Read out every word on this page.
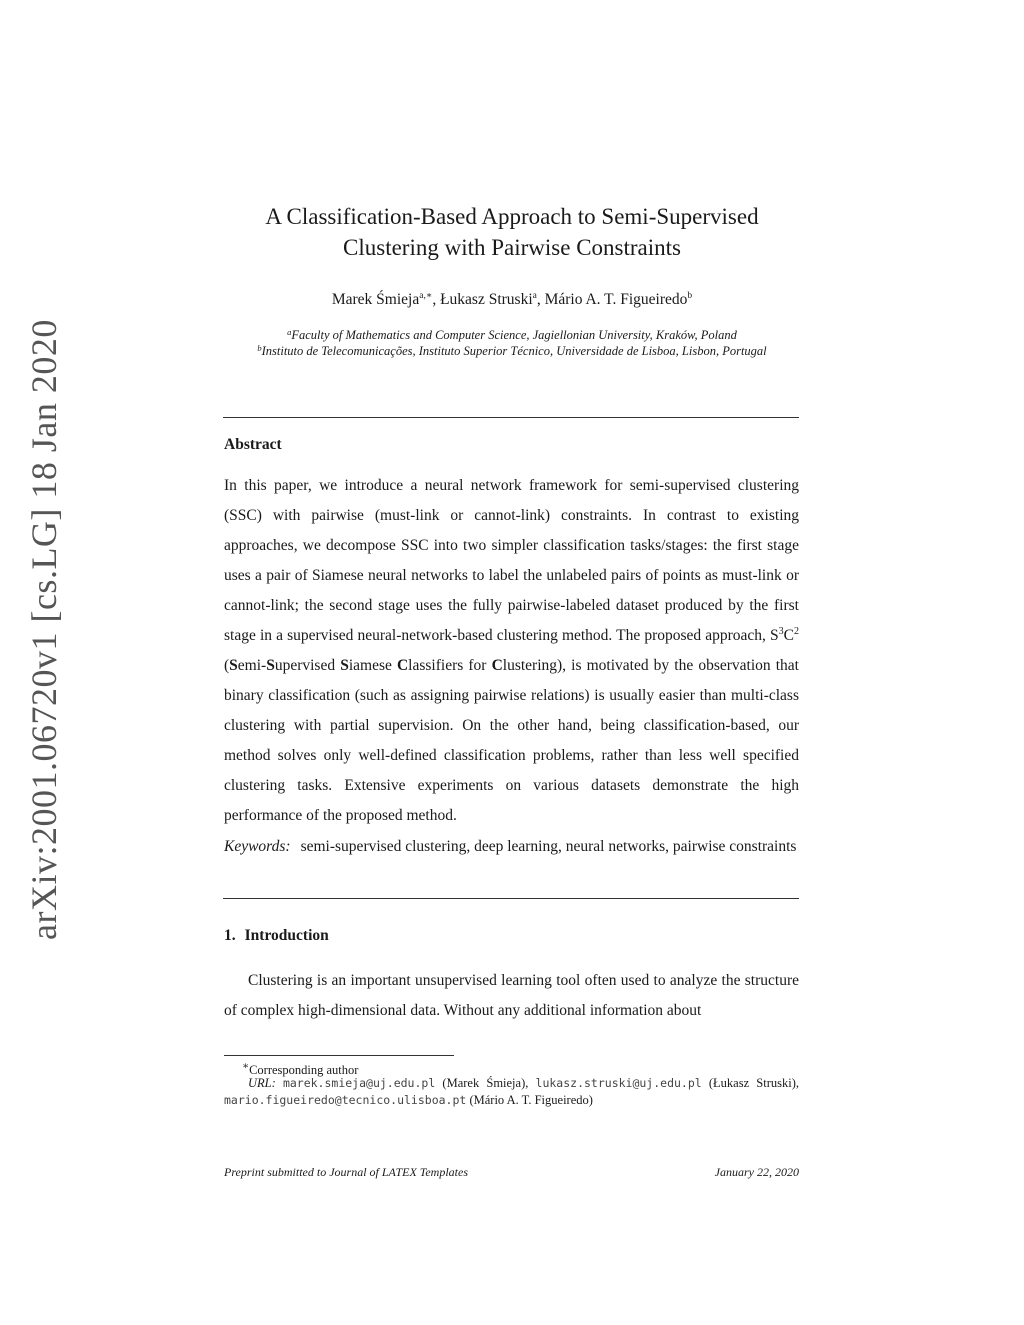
arXiv:2001.06720v1 [cs.LG] 18 Jan 2020
A Classification-Based Approach to Semi-Supervised
Clustering with Pairwise Constraints
Marek Śmieja$^{a,∗}$, Łukasz Struski$^a$, Mário A. T. Figueiredo$^b$
$^a$Faculty of Mathematics and Computer Science, Jagiellonian University, Kraków, Poland
$^b$Instituto de Telecomunicações, Instituto Superior Técnico, Universidade de Lisboa, Lisbon, Portugal
Abstract
In this paper, we introduce a neural network framework for semi-supervised clustering (SSC) with pairwise (must-link or cannot-link) constraints. In contrast to existing approaches, we decompose SSC into two simpler classification tasks/stages: the first stage uses a pair of Siamese neural networks to label the unlabeled pairs of points as must-link or cannot-link; the second stage uses the fully pairwise-labeled dataset produced by the first stage in a supervised neural-network-based clustering method. The proposed approach, $S^3C^2$ (Semi-Supervised Siamese Classifiers for Clustering), is motivated by the observation that binary classification (such as assigning pairwise relations) is usually easier than multi-class clustering with partial supervision. On the other hand, being classification-based, our method solves only well-defined classification problems, rather than less well specified clustering tasks. Extensive experiments on various datasets demonstrate the high performance of the proposed method.
Keywords: semi-supervised clustering, deep learning, neural networks, pairwise constraints
1. Introduction
Clustering is an important unsupervised learning tool often used to analyze the structure of complex high-dimensional data. Without any additional information about
∗Corresponding author
URL: marek.smieja@uj.edu.pl (Marek Śmieja), lukasz.struski@uj.edu.pl (Łukasz Struski), mario.figueiredo@tecnico.ulisboa.pt (Mário A. T. Figueiredo)
Preprint submitted to Journal of LATEX Templates	January 22, 2020
